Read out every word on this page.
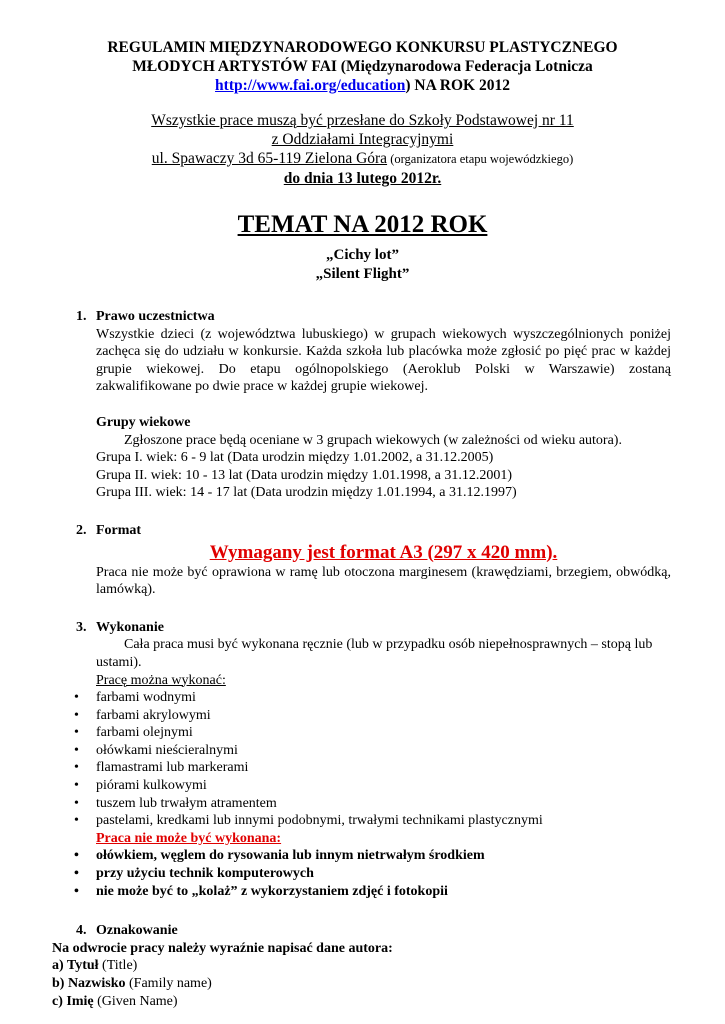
REGULAMIN MIĘDZYNARODOWEGO KONKURSU PLASTYCZNEGO
MŁODYCH ARTYSTÓW FAI (Międzynarodowa Federacja Lotnicza
http://www.fai.org/education) NA ROK 2012
Wszystkie prace muszą być przesłane do Szkoły Podstawowej nr 11
z Oddziałami Integracyjnymi
ul. Spawaczy 3d 65-119 Zielona Góra (organizatora etapu wojewódzkiego)
do dnia 13 lutego 2012r.
TEMAT NA 2012 ROK
„Cichy lot”
„Silent Flight”
1. Prawo uczestnictwa
Wszystkie dzieci (z województwa lubuskiego) w grupach wiekowych wyszczególnionych poniżej zachęca się do udziału w konkursie. Każda szkoła lub placówka może zgłosić po pięć prac w każdej grupie wiekowej. Do etapu ogólnopolskiego (Aeroklub Polski w Warszawie) zostaną zakwalifikowane po dwie prace w każdej grupie wiekowej.
Grupy wiekowe
Zgłoszone prace będą oceniane w 3 grupach wiekowych (w zależności od wieku autora).
Grupa I. wiek: 6 - 9 lat (Data urodzin między 1.01.2002, a 31.12.2005)
Grupa II. wiek: 10 - 13 lat (Data urodzin między 1.01.1998, a 31.12.2001)
Grupa III. wiek: 14 - 17 lat (Data urodzin między 1.01.1994, a 31.12.1997)
2. Format
Wymagany jest format A3 (297 x 420 mm).
Praca nie może być oprawiona w ramę lub otoczona marginesem (krawędziami, brzegiem, obwódką, lamówką).
3. Wykonanie
Cała praca musi być wykonana ręcznie (lub w przypadku osób niepełnosprawnych – stopą lub ustami).
Pracę można wykonać:
• farbami wodnymi
• farbami akrylowymi
• farbami olejnymi
• ołówkami nieścieralnymi
• flamastrami lub markerami
• piórami kulkowymi
• tuszem lub trwałym atramentem
• pastelami, kredkami lub innymi podobnymi, trwałymi technikami plastycznymi
Praca nie może być wykonana:
• ołówkiem, węglem do rysowania lub innym nietrwałym środkiem
• przy użyciu technik komputerowych
• nie może być to „kolaż” z wykorzystaniem zdjęć i fotokopii
4. Oznakowanie
Na odwrocie pracy należy wyraźnie napisać dane autora:
a) Tytuł (Title)
b) Nazwisko (Family name)
c) Imię (Given Name)
